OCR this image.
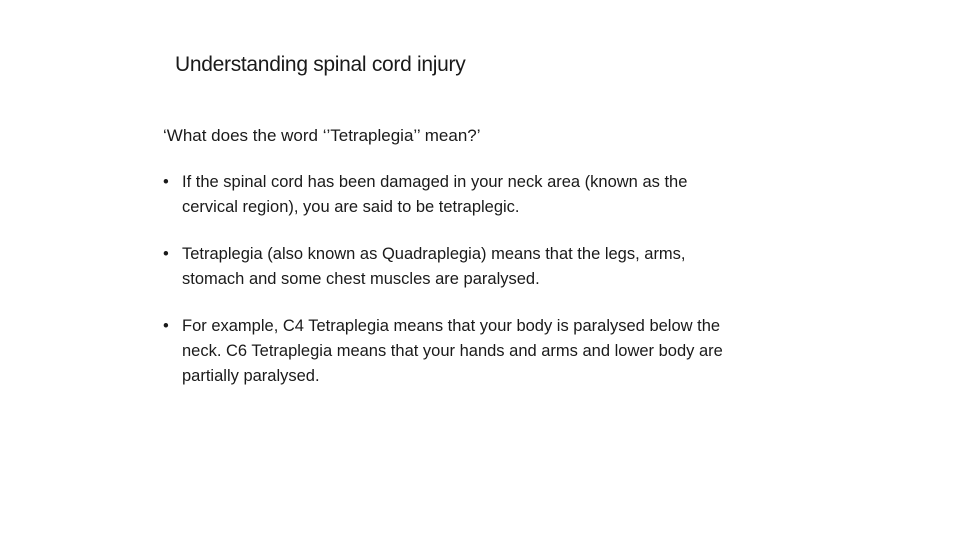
Understanding spinal cord injury
‘What does the word ‘’Tetraplegia’’ mean?’
• If the spinal cord has been damaged in your neck area (known as the
cervical region), you are said to be tetraplegic.
• Tetraplegia (also known as Quadraplegia) means that the legs, arms,
stomach and some chest muscles are paralysed.
• For example, C4 Tetraplegia means that your body is paralysed below the
neck. C6 Tetraplegia means that your hands and arms and lower body are
partially paralysed.
